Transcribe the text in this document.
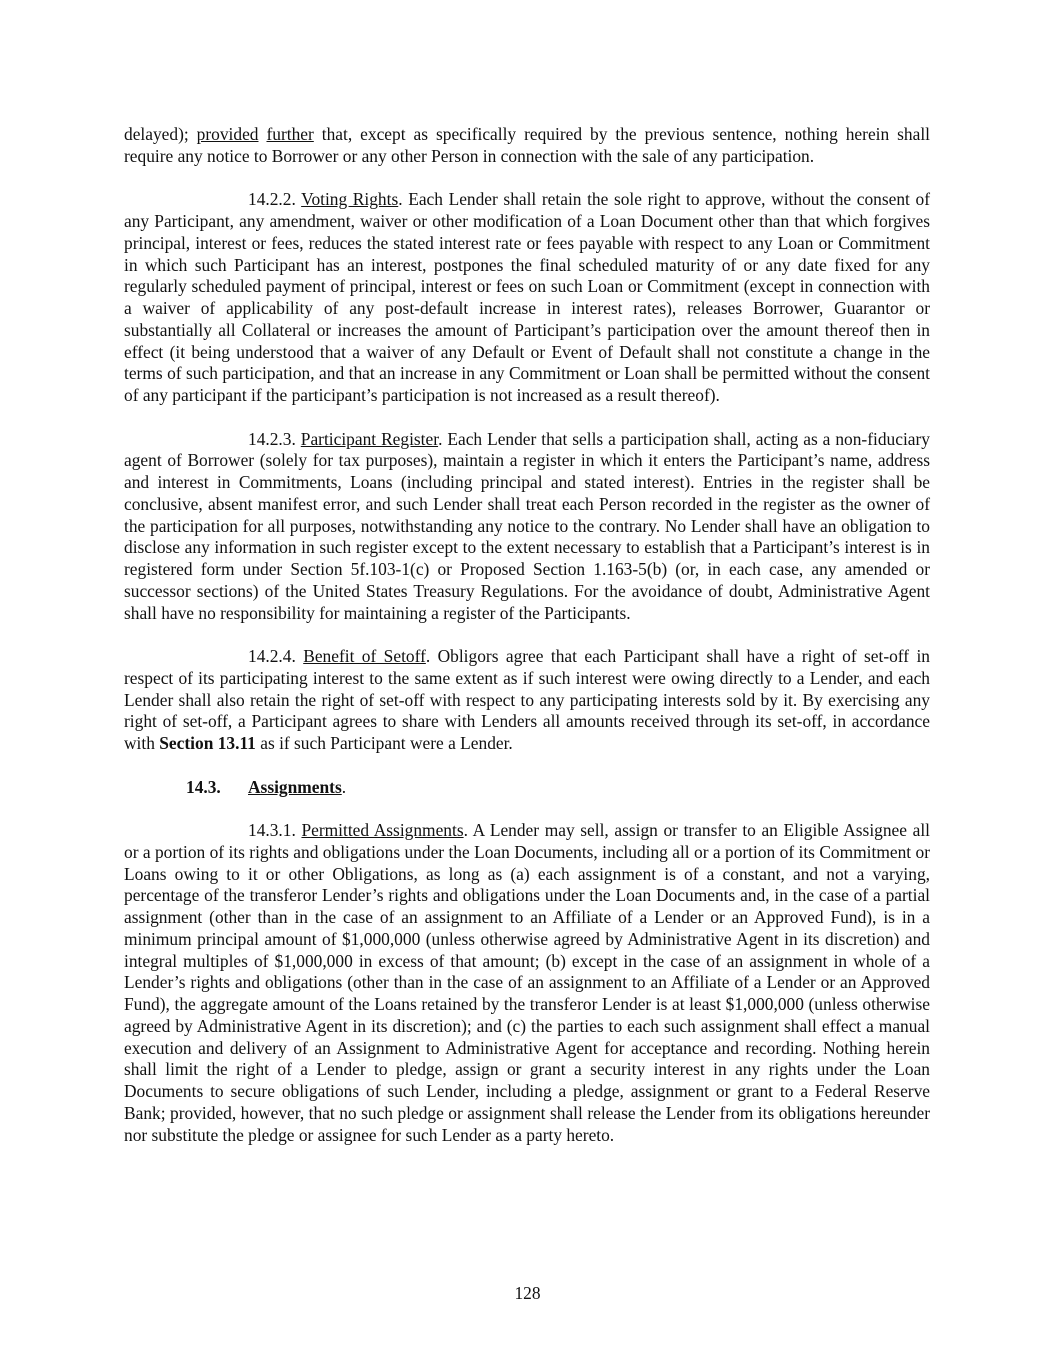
delayed); provided further that, except as specifically required by the previous sentence, nothing herein shall require any notice to Borrower or any other Person in connection with the sale of any participation.

14.2.2. Voting Rights. Each Lender shall retain the sole right to approve, without the consent of any Participant, any amendment, waiver or other modification of a Loan Document other than that which forgives principal, interest or fees, reduces the stated interest rate or fees payable with respect to any Loan or Commitment in which such Participant has an interest, postpones the final scheduled maturity of or any date fixed for any regularly scheduled payment of principal, interest or fees on such Loan or Commitment (except in connection with a waiver of applicability of any post-default increase in interest rates), releases Borrower, Guarantor or substantially all Collateral or increases the amount of Participant’s participation over the amount thereof then in effect (it being understood that a waiver of any Default or Event of Default shall not constitute a change in the terms of such participation, and that an increase in any Commitment or Loan shall be permitted without the consent of any participant if the participant’s participation is not increased as a result thereof).

14.2.3. Participant Register. Each Lender that sells a participation shall, acting as a non-fiduciary agent of Borrower (solely for tax purposes), maintain a register in which it enters the Participant’s name, address and interest in Commitments, Loans (including principal and stated interest). Entries in the register shall be conclusive, absent manifest error, and such Lender shall treat each Person recorded in the register as the owner of the participation for all purposes, notwithstanding any notice to the contrary. No Lender shall have an obligation to disclose any information in such register except to the extent necessary to establish that a Participant’s interest is in registered form under Section 5f.103-1(c) or Proposed Section 1.163-5(b) (or, in each case, any amended or successor sections) of the United States Treasury Regulations. For the avoidance of doubt, Administrative Agent shall have no responsibility for maintaining a register of the Participants.

14.2.4. Benefit of Setoff. Obligors agree that each Participant shall have a right of set-off in respect of its participating interest to the same extent as if such interest were owing directly to a Lender, and each Lender shall also retain the right of set-off with respect to any participating interests sold by it. By exercising any right of set-off, a Participant agrees to share with Lenders all amounts received through its set-off, in accordance with Section 13.11 as if such Participant were a Lender.

14.3. Assignments.

14.3.1. Permitted Assignments. A Lender may sell, assign or transfer to an Eligible Assignee all or a portion of its rights and obligations under the Loan Documents, including all or a portion of its Commitment or Loans owing to it or other Obligations, as long as (a) each assignment is of a constant, and not a varying, percentage of the transferor Lender’s rights and obligations under the Loan Documents and, in the case of a partial assignment (other than in the case of an assignment to an Affiliate of a Lender or an Approved Fund), is in a minimum principal amount of $1,000,000 (unless otherwise agreed by Administrative Agent in its discretion) and integral multiples of $1,000,000 in excess of that amount; (b) except in the case of an assignment in whole of a Lender’s rights and obligations (other than in the case of an assignment to an Affiliate of a Lender or an Approved Fund), the aggregate amount of the Loans retained by the transferor Lender is at least $1,000,000 (unless otherwise agreed by Administrative Agent in its discretion); and (c) the parties to each such assignment shall effect a manual execution and delivery of an Assignment to Administrative Agent for acceptance and recording. Nothing herein shall limit the right of a Lender to pledge, assign or grant a security interest in any rights under the Loan Documents to secure obligations of such Lender, including a pledge, assignment or grant to a Federal Reserve Bank; provided, however, that no such pledge or assignment shall release the Lender from its obligations hereunder nor substitute the pledge or assignee for such Lender as a party hereto.

128
